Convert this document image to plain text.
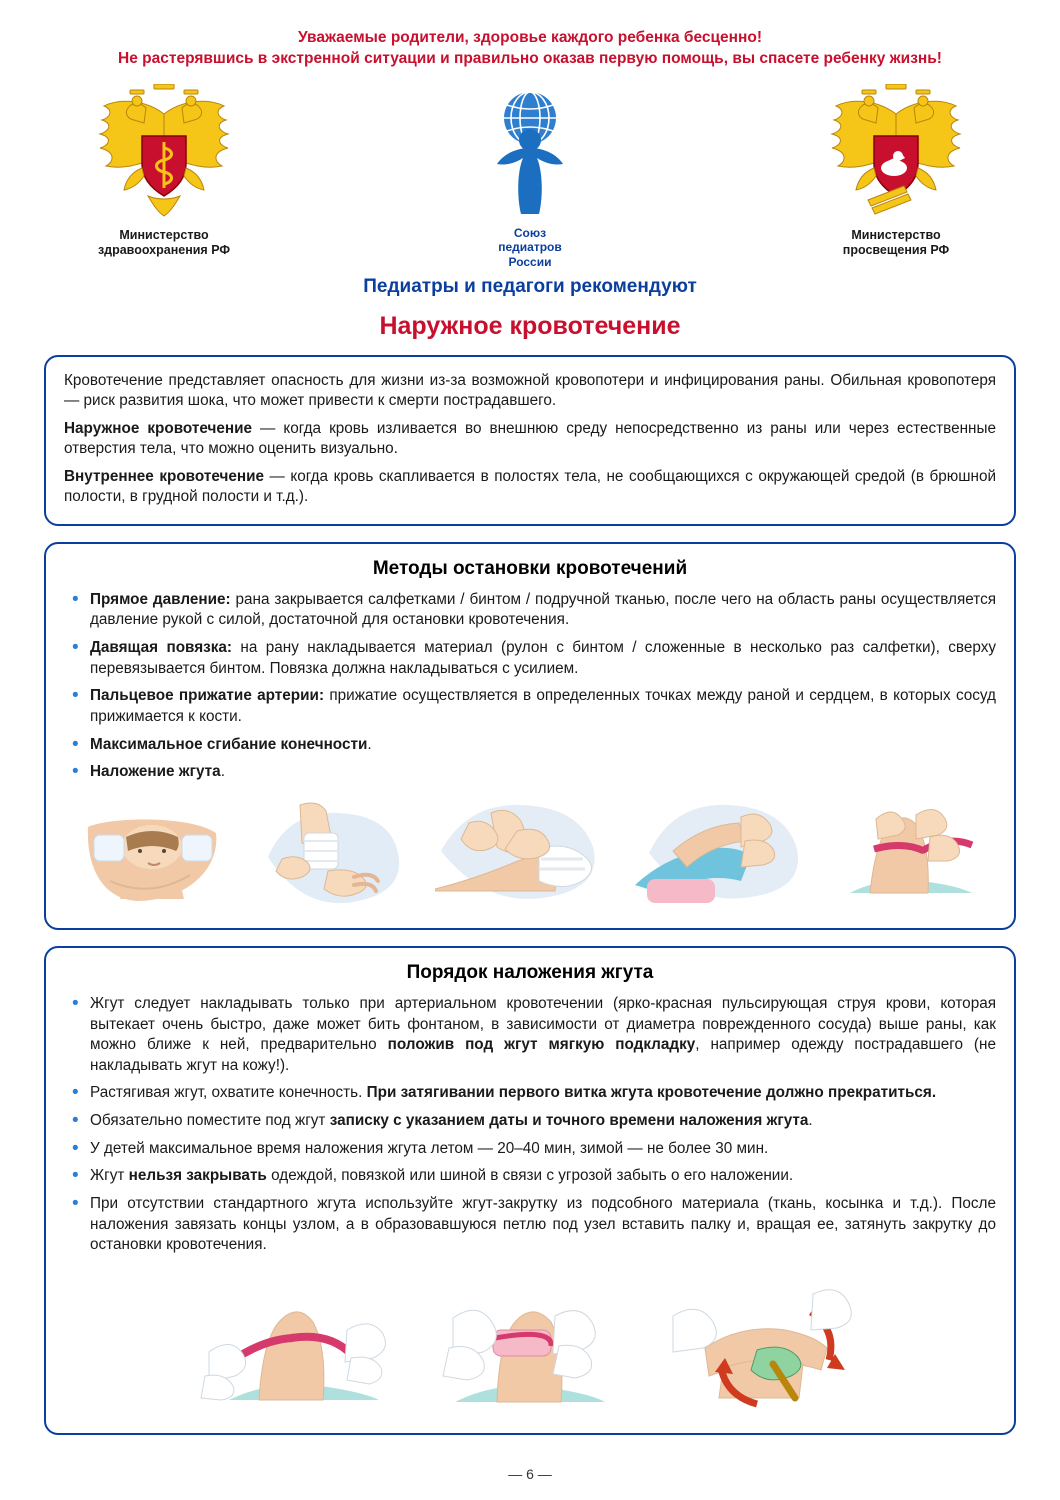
Уважаемые родители, здоровье каждого ребенка бесценно!
Не растерявшись в экстренной ситуации и правильно оказав первую помощь, вы спасете ребенку жизнь!
Министерство
здравоохранения РФ
Союз
педиатров
России
Министерство
просвещения РФ
Педиатры и педагоги рекомендуют
Наружное кровотечение

Кровотечение представляет опасность для жизни из-за возможной кровопотери и инфицирования раны. Обильная кровопотеря — риск развития шока, что может привести к смерти пострадавшего.

Наружное кровотечение — когда кровь изливается во внешнюю среду непосредственно из раны или через естественные отверстия тела, что можно оценить визуально.

Внутреннее кровотечение — когда кровь скапливается в полостях тела, не сообщающихся с окружающей средой (в брюшной полости, в грудной полости и т.д.).

Методы остановки кровотечений
• Прямое давление: рана закрывается салфетками / бинтом / подручной тканью, после чего на область раны осуществляется давление рукой с силой, достаточной для остановки кровотечения.
• Давящая повязка: на рану накладывается материал (рулон с бинтом / сложенные в несколько раз салфетки), сверху перевязывается бинтом. Повязка должна накладываться с усилием.
• Пальцевое прижатие артерии: прижатие осуществляется в определенных точках между раной и сердцем, в которых сосуд прижимается к кости.
• Максимальное сгибание конечности.
• Наложение жгута.
Порядок наложения жгута
• Жгут следует накладывать только при артериальном кровотечении (ярко-красная пульсирующая струя крови, которая вытекает очень быстро, даже может бить фонтаном, в зависимости от диаметра поврежденного сосуда) выше раны, как можно ближе к ней, предварительно положив под жгут мягкую подкладку, например одежду пострадавшего (не накладывать жгут на кожу!).
• Растягивая жгут, охватите конечность. При затягивании первого витка жгута кровотечение должно прекратиться.
• Обязательно поместите под жгут записку с указанием даты и точного времени наложения жгута.
• У детей максимальное время наложения жгута летом — 20–40 мин, зимой — не более 30 мин.
• Жгут нельзя закрывать одеждой, повязкой или шиной в связи с угрозой забыть о его наложении.
• При отсутствии стандартного жгута используйте жгут-закрутку из подсобного материала (ткань, косынка и т.д.). После наложения завязать концы узлом, а в образовавшуюся петлю под узел вставить палку и, вращая ее, затянуть закрутку до остановки кровотечения.
— 6 —
